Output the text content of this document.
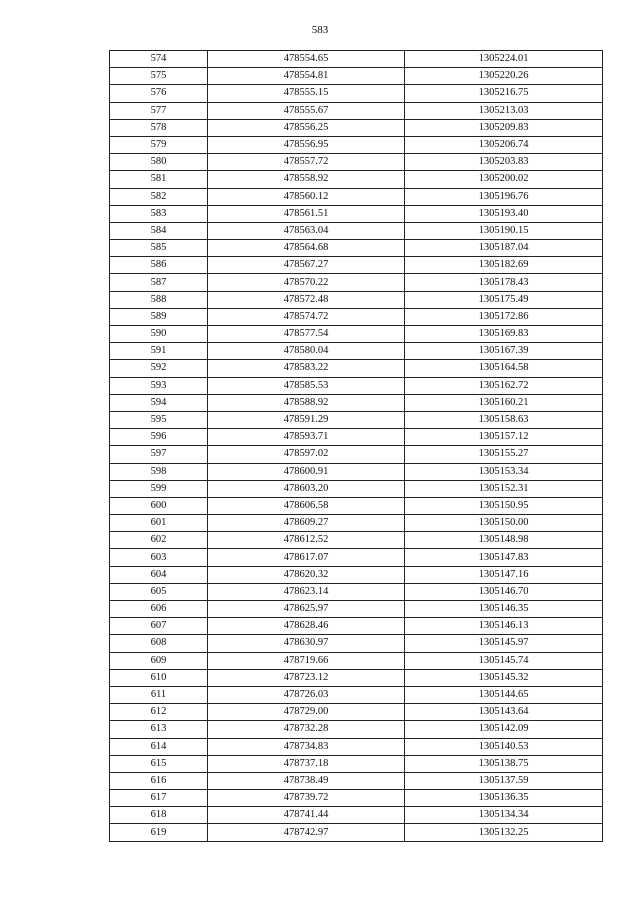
583
574	478554.65	1305224.01
575	478554.81	1305220.26
576	478555.15	1305216.75
577	478555.67	1305213.03
578	478556.25	1305209.83
579	478556.95	1305206.74
580	478557.72	1305203.83
581	478558.92	1305200.02
582	478560.12	1305196.76
583	478561.51	1305193.40
584	478563.04	1305190.15
585	478564.68	1305187.04
586	478567.27	1305182.69
587	478570.22	1305178.43
588	478572.48	1305175.49
589	478574.72	1305172.86
590	478577.54	1305169.83
591	478580.04	1305167.39
592	478583.22	1305164.58
593	478585.53	1305162.72
594	478588.92	1305160.21
595	478591.29	1305158.63
596	478593.71	1305157.12
597	478597.02	1305155.27
598	478600.91	1305153.34
599	478603.20	1305152.31
600	478606.58	1305150.95
601	478609.27	1305150.00
602	478612.52	1305148.98
603	478617.07	1305147.83
604	478620.32	1305147.16
605	478623.14	1305146.70
606	478625.97	1305146.35
607	478628.46	1305146.13
608	478630.97	1305145.97
609	478719.66	1305145.74
610	478723.12	1305145.32
611	478726.03	1305144.65
612	478729.00	1305143.64
613	478732.28	1305142.09
614	478734.83	1305140.53
615	478737.18	1305138.75
616	478738.49	1305137.59
617	478739.72	1305136.35
618	478741.44	1305134.34
619	478742.97	1305132.25
